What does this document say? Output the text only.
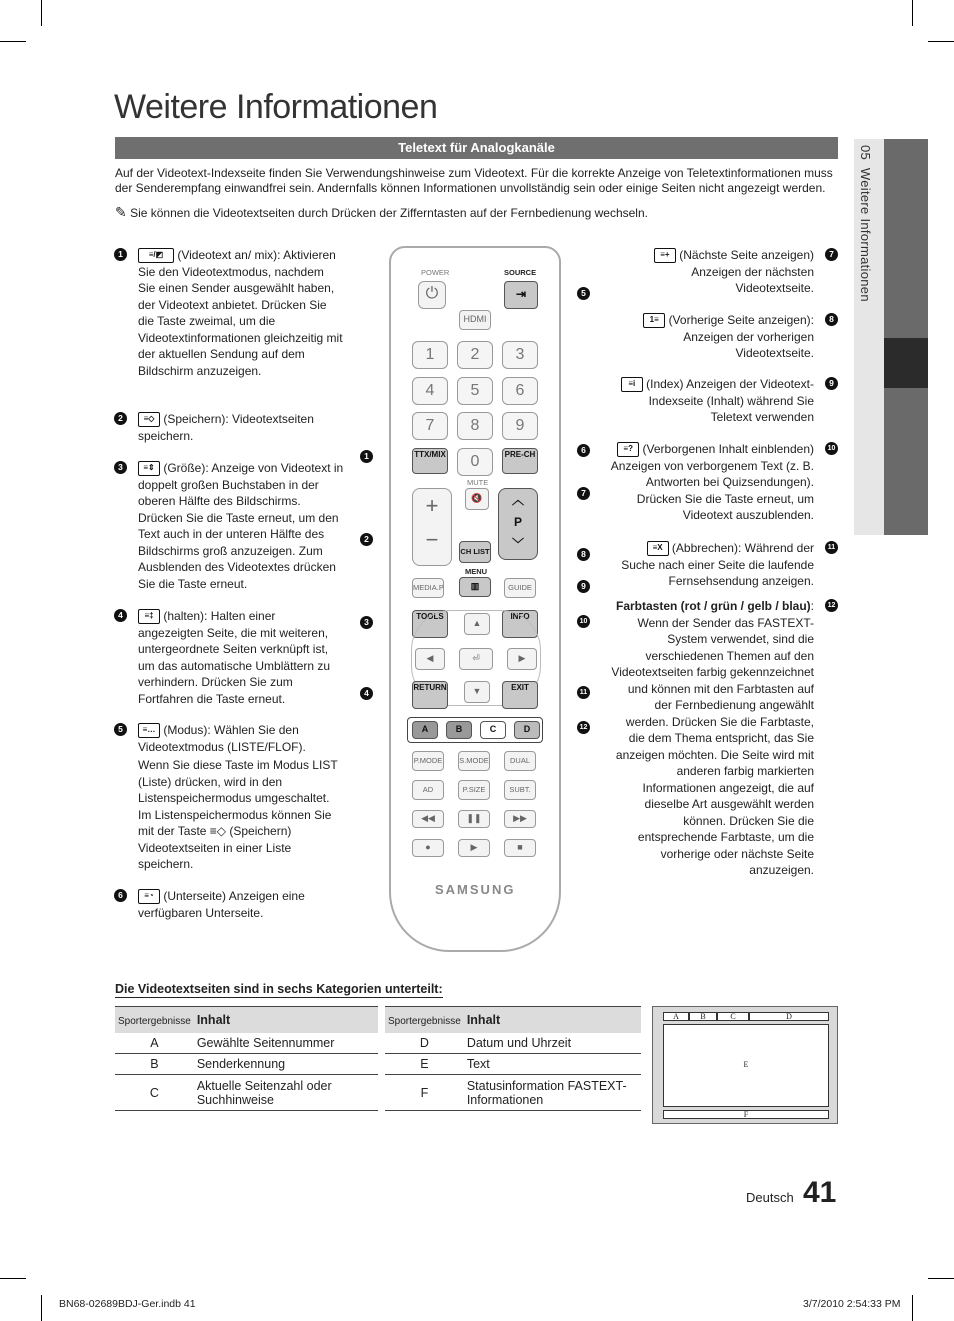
Weitere Informationen
05  Weitere Informationen
Teletext für Analogkanäle

Auf der Videotext-Indexseite finden Sie Verwendungshinweise zum Videotext. Für die korrekte Anzeige von Teletextinformationen muss der Senderempfang einwandfrei sein. Andernfalls können Informationen unvollständig sein oder einige Seiten nicht angezeigt werden.

✎ Sie können die Videotextseiten durch Drücken der Zifferntasten auf der Fernbedienung wechseln.

1	≡/◩ (Videotext an/ mix): Aktivieren Sie den Videotextmodus, nachdem Sie einen Sender ausgewählt haben, der Videotext anbietet. Drücken Sie die Taste zweimal, um die Videotextinformationen gleichzeitig mit der aktuellen Sendung auf dem Bildschirm anzuzeigen.
2	≡◇ (Speichern): Videotextseiten speichern.
3	≡⇕ (Größe): Anzeige von Videotext in doppelt großen Buchstaben in der oberen Hälfte des Bildschirms. Drücken Sie die Taste erneut, um den Text auch in der unteren Hälfte des Bildschirms groß anzuzeigen. Zum Ausblenden des Videotextes drücken Sie die Taste erneut.
4	≡‡ (halten): Halten einer angezeigten Seite, die mit weiteren, untergeordnete Seiten verknüpft ist, um das automatische Umblättern zu verhindern. Drücken Sie zum Fortfahren die Taste erneut.
5	≡… (Modus): Wählen Sie den Videotextmodus (LISTE/FLOF).
Wenn Sie diese Taste im Modus LIST (Liste) drücken, wird in den Listenspeichermodus umgeschaltet. Im Listenspeichermodus können Sie mit der Taste ≡◇ (Speichern) Videotextseiten in einer Liste speichern.
6	≡◔ (Unterseite) Anzeigen eine verfügbaren Unterseite.
7
≡+ (Nächste Seite anzeigen) Anzeigen der nächsten Videotextseite.
8
1≡ (Vorherige Seite anzeigen): Anzeigen der vorherigen Videotextseite.
9
≡i (Index) Anzeigen der Videotext-Indexseite (Inhalt) während Sie Teletext verwenden
10
≡? (Verborgenen Inhalt einblenden) Anzeigen von verborgenem Text (z. B. Antworten bei Quizsendungen). Drücken Sie die Taste erneut, um Videotext auszublenden.
11
≡X (Abbrechen): Während der Suche nach einer Seite die laufende Fernsehsendung anzeigen.
12
Farbtasten (rot / grün / gelb / blau): Wenn der Sender das FASTEXT-System verwendet, sind die verschiedenen Themen auf den Videotextseiten farbig gekennzeichnet und können mit den Farbtasten auf der Fernbedienung angewählt werden. Drücken Sie die Farbtaste, die dem Thema entspricht, das Sie anzeigen möchten. Die Seite wird mit anderen farbig markierten Informationen angezeigt, die auf dieselbe Art ausgewählt werden können. Drücken Sie die entsprechende Farbtaste, um die vorherige oder nächste Seite anzuzeigen.
POWER
⏻
SOURCE
⇥
HDMI
1	2	3
4	5	6
7	8	9
TTX/MIX	0	PRE-CH
+
−
MUTE
🔇	︿
P
﹀
CH LIST
MENU
▥
MEDIA.P	GUIDE
TOOLS	INFO
▲
◀	⏎	▶
▼
RETURN	EXIT
A	B	C	D
P.MODE S.MODE	DUAL
AD	P.SIZE	SUBT.
◀◀	❚❚	▶▶
●	▶	■
SAMSUNG
1
2
3
4
5
6
7
8
9
10
11
12
Die Videotextseiten sind in sechs Kategorien unterteilt:
Sportergebnisse	Inhalt
A	Gewählte Seitennummer
B	Senderkennung
C	Aktuelle Seitenzahl oder Suchhinweise
Sportergebnisse	Inhalt
D	Datum und Uhrzeit
E	Text
F	Statusinformation FASTEXT-Informationen
A	B	C	D
E
F
Deutsch 41
BN68-02689BDJ-Ger.indb 41	3/7/2010 2:54:33 PM
